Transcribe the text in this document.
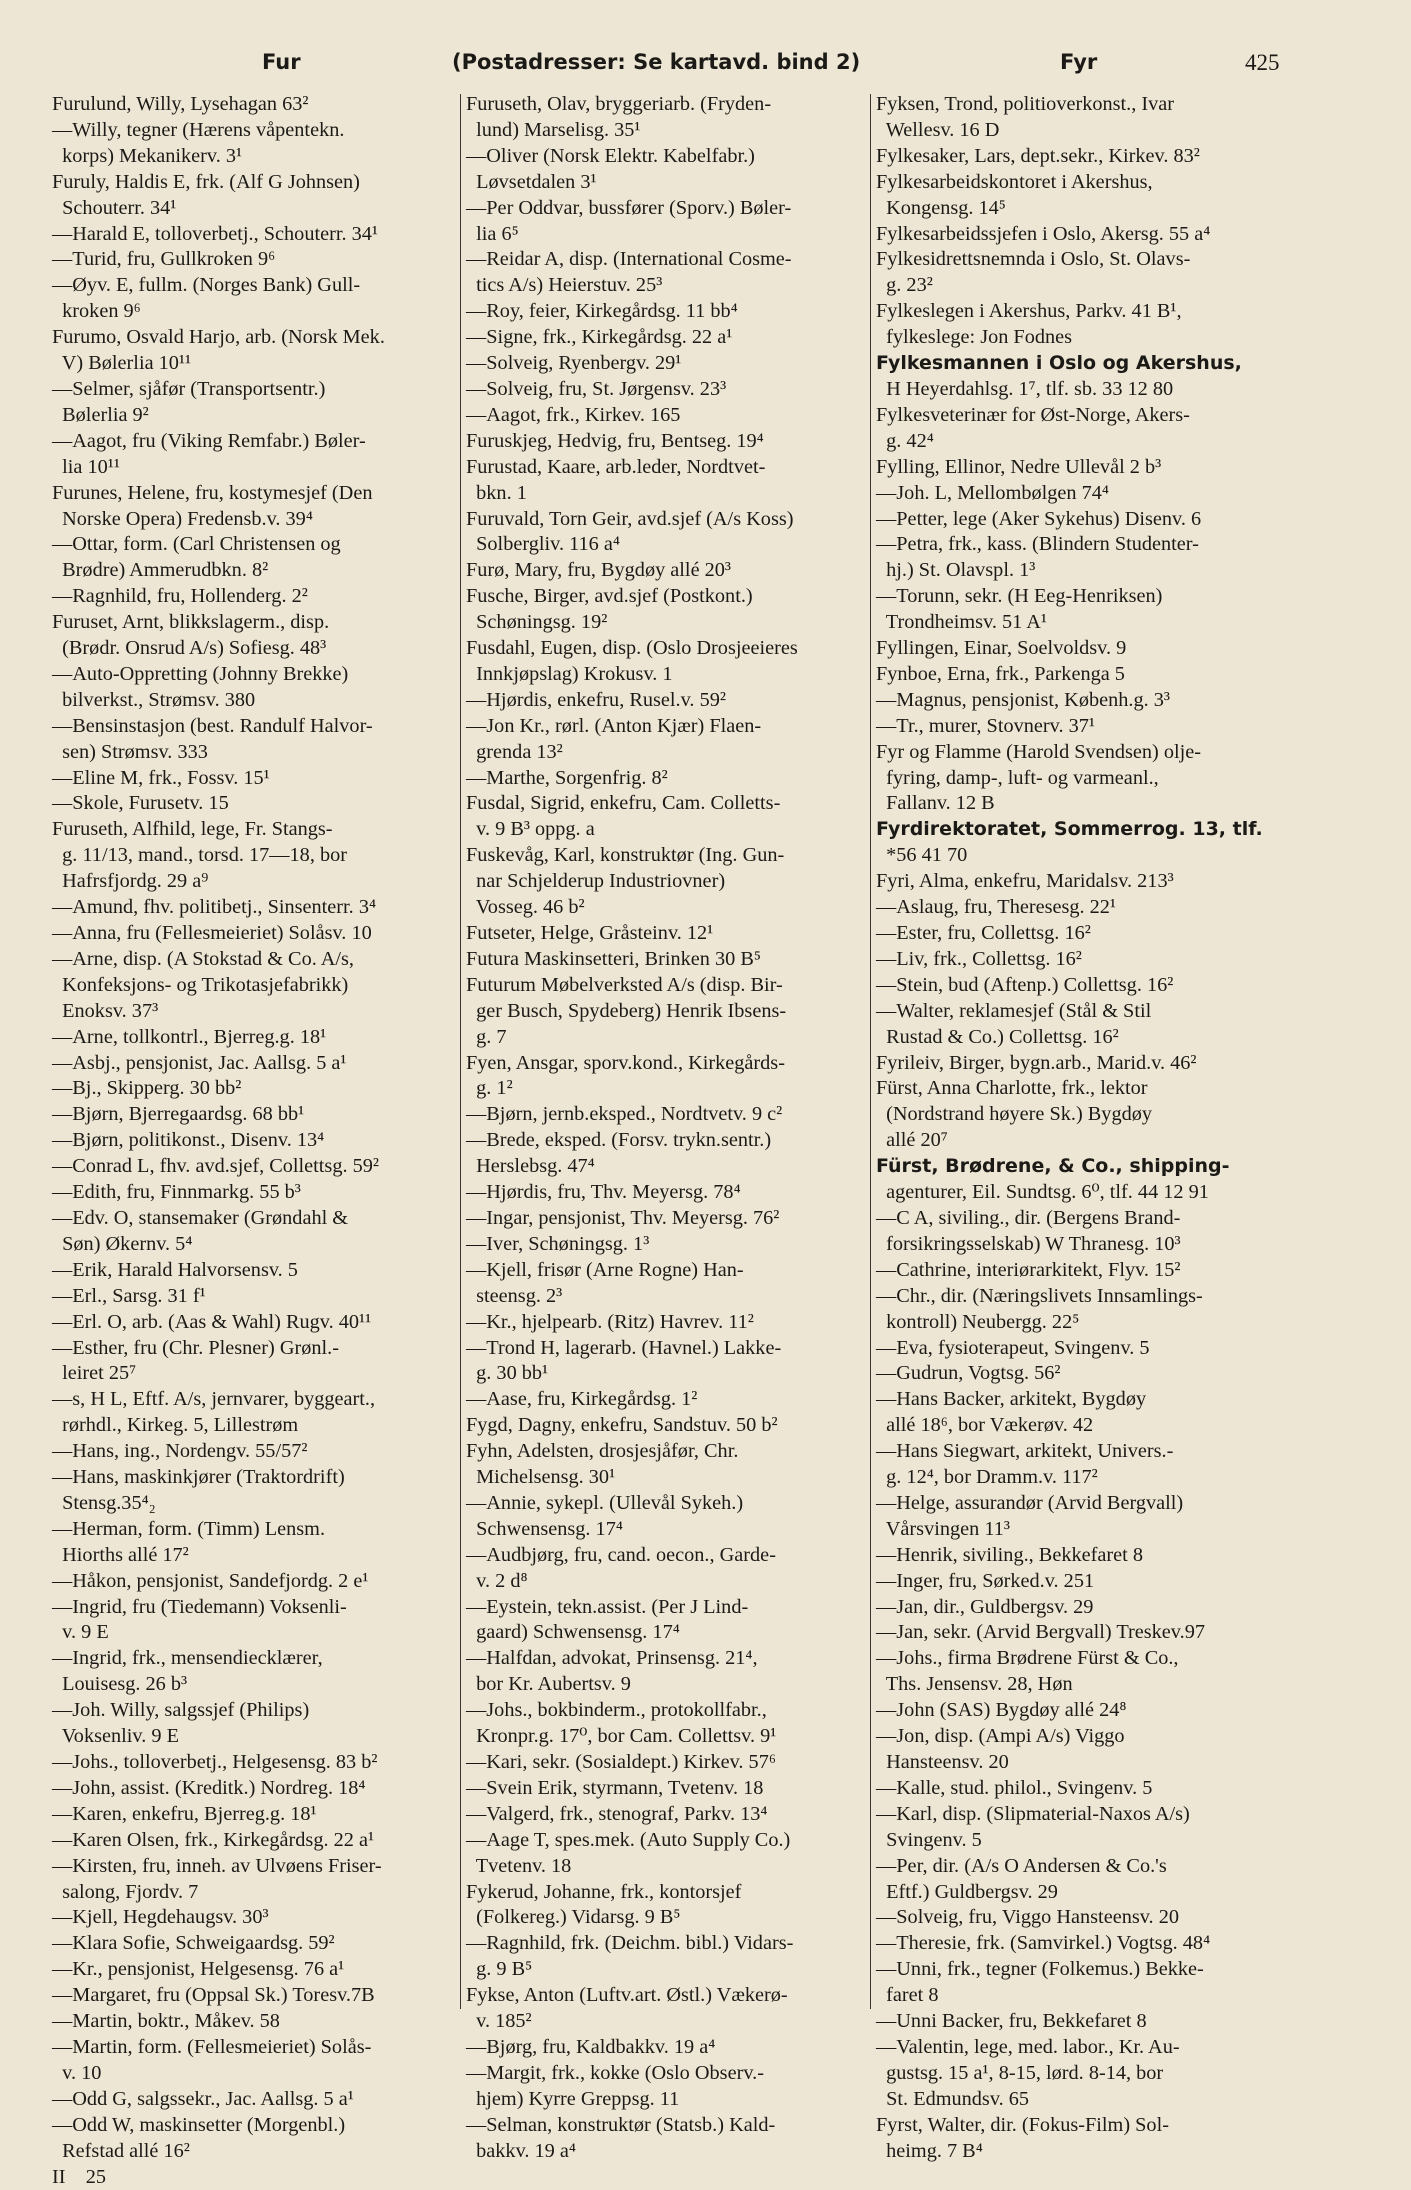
Fur	(Postadresser: Se kartavd. bind 2)	Fyr	425
Furulund, Willy, Lysehagan 63²
—Willy, tegner (Hærens våpentekn.
korps) Mekanikerv. 3¹
Furuly, Haldis E, frk. (Alf G Johnsen)
Schouterr. 34¹
—Harald E, tolloverbetj., Schouterr. 34¹
—Turid, fru, Gullkroken 9⁶
—Øyv. E, fullm. (Norges Bank) Gull-
kroken 9⁶
Furumo, Osvald Harjo, arb. (Norsk Mek.
V) Bølerlia 10¹¹
—Selmer, sjåfør (Transportsentr.)
Bølerlia 9²
—Aagot, fru (Viking Remfabr.) Bøler-
lia 10¹¹
Furunes, Helene, fru, kostymesjef (Den
Norske Opera) Fredensb.v. 39⁴
—Ottar, form. (Carl Christensen og
Brødre) Ammerudbkn. 8²
—Ragnhild, fru, Hollenderg. 2²
Furuset, Arnt, blikkslagerm., disp.
(Brødr. Onsrud A/s) Sofiesg. 48³
—Auto-Oppretting (Johnny Brekke)
bilverkst., Strømsv. 380
—Bensinstasjon (best. Randulf Halvor-
sen) Strømsv. 333
—Eline M, frk., Fossv. 15¹
—Skole, Furusetv. 15
Furuseth, Alfhild, lege, Fr. Stangs-
g. 11/13, mand., torsd. 17—18, bor
Hafrsfjordg. 29 a⁹
—Amund, fhv. politibetj., Sinsenterr. 3⁴
—Anna, fru (Fellesmeieriet) Solåsv. 10
—Arne, disp. (A Stokstad & Co. A/s,
Konfeksjons- og Trikotasjefabrikk)
Enoksv. 37³
—Arne, tollkontrl., Bjerreg.g. 18¹
—Asbj., pensjonist, Jac. Aallsg. 5 a¹
—Bj., Skipperg. 30 bb²
—Bjørn, Bjerregaardsg. 68 bb¹
—Bjørn, politikonst., Disenv. 13⁴
—Conrad L, fhv. avd.sjef, Collettsg. 59²
—Edith, fru, Finnmarkg. 55 b³
—Edv. O, stansemaker (Grøndahl &
Søn) Økernv. 5⁴
—Erik, Harald Halvorsensv. 5
—Erl., Sarsg. 31 f¹
—Erl. O, arb. (Aas & Wahl) Rugv. 40¹¹
—Esther, fru (Chr. Plesner) Grønl.-
leiret 25⁷
—s, H L, Eftf. A/s, jernvarer, byggeart.,
rørhdl., Kirkeg. 5, Lillestrøm
—Hans, ing., Nordengv. 55/57²
—Hans, maskinkjører (Traktordrift)
Stensg.35⁴₂
—Herman, form. (Timm) Lensm.
Hiorths allé 17²
—Håkon, pensjonist, Sandefjordg. 2 e¹
—Ingrid, fru (Tiedemann) Voksenli-
v. 9 E
—Ingrid, frk., mensendiecklærer,
Louisesg. 26 b³
—Joh. Willy, salgssjef (Philips)
Voksenliv. 9 E
—Johs., tolloverbetj., Helgesensg. 83 b²
—John, assist. (Kreditk.) Nordreg. 18⁴
—Karen, enkefru, Bjerreg.g. 18¹
—Karen Olsen, frk., Kirkegårdsg. 22 a¹
—Kirsten, fru, inneh. av Ulvøens Friser-
salong, Fjordv. 7
—Kjell, Hegdehaugsv. 30³
—Klara Sofie, Schweigaardsg. 59²
—Kr., pensjonist, Helgesensg. 76 a¹
—Margaret, fru (Oppsal Sk.) Toresv.7B
—Martin, boktr., Måkev. 58
—Martin, form. (Fellesmeieriet) Solås-
v. 10
—Odd G, salgssekr., Jac. Aallsg. 5 a¹
—Odd W, maskinsetter (Morgenbl.)
Refstad allé 16²
II    25
Furuseth, Olav, bryggeriarb. (Fryden-
lund) Marselisg. 35¹
—Oliver (Norsk Elektr. Kabelfabr.)
Løvsetdalen 3¹
—Per Oddvar, bussfører (Sporv.) Bøler-
lia 6⁵
—Reidar A, disp. (International Cosme-
tics A/s) Heierstuv. 25³
—Roy, feier, Kirkegårdsg. 11 bb⁴
—Signe, frk., Kirkegårdsg. 22 a¹
—Solveig, Ryenbergv. 29¹
—Solveig, fru, St. Jørgensv. 23³
—Aagot, frk., Kirkev. 165
Furuskjeg, Hedvig, fru, Bentseg. 19⁴
Furustad, Kaare, arb.leder, Nordtvet-
bkn. 1
Furuvald, Torn Geir, avd.sjef (A/s Koss)
Solbergliv. 116 a⁴
Furø, Mary, fru, Bygdøy allé 20³
Fusche, Birger, avd.sjef (Postkont.)
Schøningsg. 19²
Fusdahl, Eugen, disp. (Oslo Drosjeeieres
Innkjøpslag) Krokusv. 1
—Hjørdis, enkefru, Rusel.v. 59²
—Jon Kr., rørl. (Anton Kjær) Flaen-
grenda 13²
—Marthe, Sorgenfrig. 8²
Fusdal, Sigrid, enkefru, Cam. Colletts-
v. 9 B³ oppg. a
Fuskevåg, Karl, konstruktør (Ing. Gun-
nar Schjelderup Industriovner)
Vosseg. 46 b²
Futseter, Helge, Gråsteinv. 12¹
Futura Maskinsetteri, Brinken 30 B⁵
Futurum Møbelverksted A/s (disp. Bir-
ger Busch, Spydeberg) Henrik Ibsens-
g. 7
Fyen, Ansgar, sporv.kond., Kirkegårds-
g. 1²
—Bjørn, jernb.eksped., Nordtvetv. 9 c²
—Brede, eksped. (Forsv. trykn.sentr.)
Herslebsg. 47⁴
—Hjørdis, fru, Thv. Meyersg. 78⁴
—Ingar, pensjonist, Thv. Meyersg. 76²
—Iver, Schøningsg. 1³
—Kjell, frisør (Arne Rogne) Han-
steensg. 2³
—Kr., hjelpearb. (Ritz) Havrev. 11²
—Trond H, lagerarb. (Havnel.) Lakke-
g. 30 bb¹
—Aase, fru, Kirkegårdsg. 1²
Fygd, Dagny, enkefru, Sandstuv. 50 b²
Fyhn, Adelsten, drosjesjåfør, Chr.
Michelsensg. 30¹
—Annie, sykepl. (Ullevål Sykeh.)
Schwensensg. 17⁴
—Audbjørg, fru, cand. oecon., Garde-
v. 2 d⁸
—Eystein, tekn.assist. (Per J Lind-
gaard) Schwensensg. 17⁴
—Halfdan, advokat, Prinsensg. 21⁴,
bor Kr. Aubertsv. 9
—Johs., bokbinderm., protokollfabr.,
Kronpr.g. 17⁰, bor Cam. Collettsv. 9¹
—Kari, sekr. (Sosialdept.) Kirkev. 57⁶
—Svein Erik, styrmann, Tvetenv. 18
—Valgerd, frk., stenograf, Parkv. 13⁴
—Aage T, spes.mek. (Auto Supply Co.)
Tvetenv. 18
Fykerud, Johanne, frk., kontorsjef
(Folkereg.) Vidarsg. 9 B⁵
—Ragnhild, frk. (Deichm. bibl.) Vidars-
g. 9 B⁵
Fykse, Anton (Luftv.art. Østl.) Vækerø-
v. 185²
—Bjørg, fru, Kaldbakkv. 19 a⁴
—Margit, frk., kokke (Oslo Observ.-
hjem) Kyrre Greppsg. 11
—Selman, konstruktør (Statsb.) Kald-
bakkv. 19 a⁴
Fyksen, Trond, politioverkonst., Ivar
Wellesv. 16 D
Fylkesaker, Lars, dept.sekr., Kirkev. 83²
Fylkesarbeidskontoret i Akershus,
Kongensg. 14⁵
Fylkesarbeidssjefen i Oslo, Akersg. 55 a⁴
Fylkesidrettsnemnda i Oslo, St. Olavs-
g. 23²
Fylkeslegen i Akershus, Parkv. 41 B¹,
fylkeslege: Jon Fodnes
Fylkesmannen i Oslo og Akershus,
H Heyerdahlsg. 1⁷, tlf. sb. 33 12 80
Fylkesveterinær for Øst-Norge, Akers-
g. 42⁴
Fylling, Ellinor, Nedre Ullevål 2 b³
—Joh. L, Mellombølgen 74⁴
—Petter, lege (Aker Sykehus) Disenv. 6
—Petra, frk., kass. (Blindern Studenter-
hj.) St. Olavspl. 1³
—Torunn, sekr. (H Eeg-Henriksen)
Trondheimsv. 51 A¹
Fyllingen, Einar, Soelvoldsv. 9
Fynboe, Erna, frk., Parkenga 5
—Magnus, pensjonist, Københ.g. 3³
—Tr., murer, Stovnerv. 37¹
Fyr og Flamme (Harold Svendsen) olje-
fyring, damp-, luft- og varmeanl.,
Fallanv. 12 B
Fyrdirektoratet, Sommerrog. 13, tlf.
*56 41 70
Fyri, Alma, enkefru, Maridalsv. 213³
—Aslaug, fru, Theresesg. 22¹
—Ester, fru, Collettsg. 16²
—Liv, frk., Collettsg. 16²
—Stein, bud (Aftenp.) Collettsg. 16²
—Walter, reklamesjef (Stål & Stil
Rustad & Co.) Collettsg. 16²
Fyrileiv, Birger, bygn.arb., Marid.v. 46²
Fürst, Anna Charlotte, frk., lektor
(Nordstrand høyere Sk.) Bygdøy
allé 20⁷
Fürst, Brødrene, & Co., shipping-
agenturer, Eil. Sundtsg. 6⁰, tlf. 44 12 91
—C A, siviling., dir. (Bergens Brand-
forsikringsselskab) W Thranesg. 10³
—Cathrine, interiørarkitekt, Flyv. 15²
—Chr., dir. (Næringslivets Innsamlings-
kontroll) Neubergg. 22⁵
—Eva, fysioterapeut, Svingenv. 5
—Gudrun, Vogtsg. 56²
—Hans Backer, arkitekt, Bygdøy
allé 18⁶, bor Vækerøv. 42
—Hans Siegwart, arkitekt, Univers.-
g. 12⁴, bor Dramm.v. 117²
—Helge, assurandør (Arvid Bergvall)
Vårsvingen 11³
—Henrik, siviling., Bekkefaret 8
—Inger, fru, Sørked.v. 251
—Jan, dir., Guldbergsv. 29
—Jan, sekr. (Arvid Bergvall) Treskev.97
—Johs., firma Brødrene Fürst & Co.,
Ths. Jensensv. 28, Høn
—John (SAS) Bygdøy allé 24⁸
—Jon, disp. (Ampi A/s) Viggo
Hansteensv. 20
—Kalle, stud. philol., Svingenv. 5
—Karl, disp. (Slipmaterial-Naxos A/s)
Svingenv. 5
—Per, dir. (A/s O Andersen & Co.'s
Eftf.) Guldbergsv. 29
—Solveig, fru, Viggo Hansteensv. 20
—Theresie, frk. (Samvirkel.) Vogtsg. 48⁴
—Unni, frk., tegner (Folkemus.) Bekke-
faret 8
—Unni Backer, fru, Bekkefaret 8
—Valentin, lege, med. labor., Kr. Au-
gustsg. 15 a¹, 8-15, lørd. 8-14, bor
St. Edmundsv. 65
Fyrst, Walter, dir. (Fokus-Film) Sol-
heimg. 7 B⁴
